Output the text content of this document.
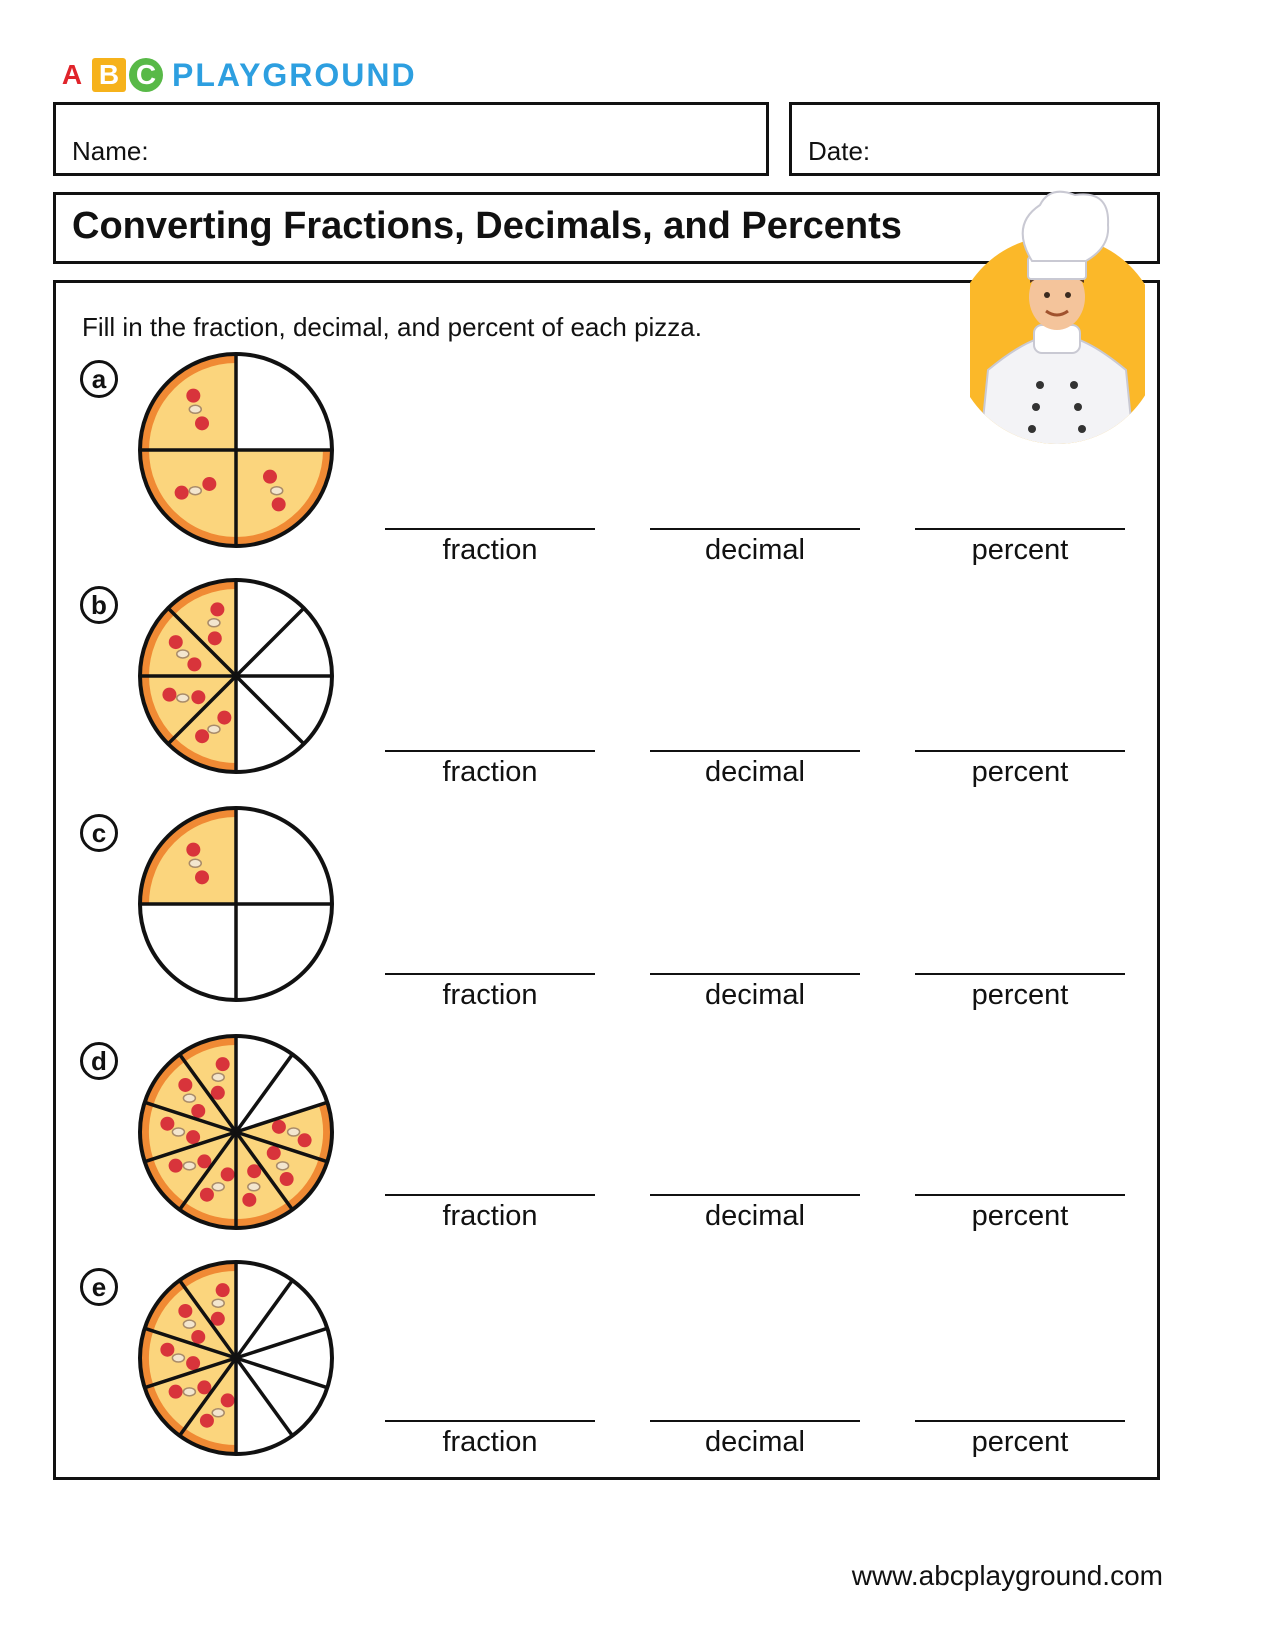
A B C PLAYGROUND
Name:	Date:
Converting Fractions, Decimals, and Percents
Fill in the fraction, decimal, and percent of each pizza.
a
b
c
d
e
fraction	decimal	percent
fraction	decimal	percent
fraction	decimal	percent
fraction	decimal	percent
fraction	decimal	percent
www.abcplayground.com
